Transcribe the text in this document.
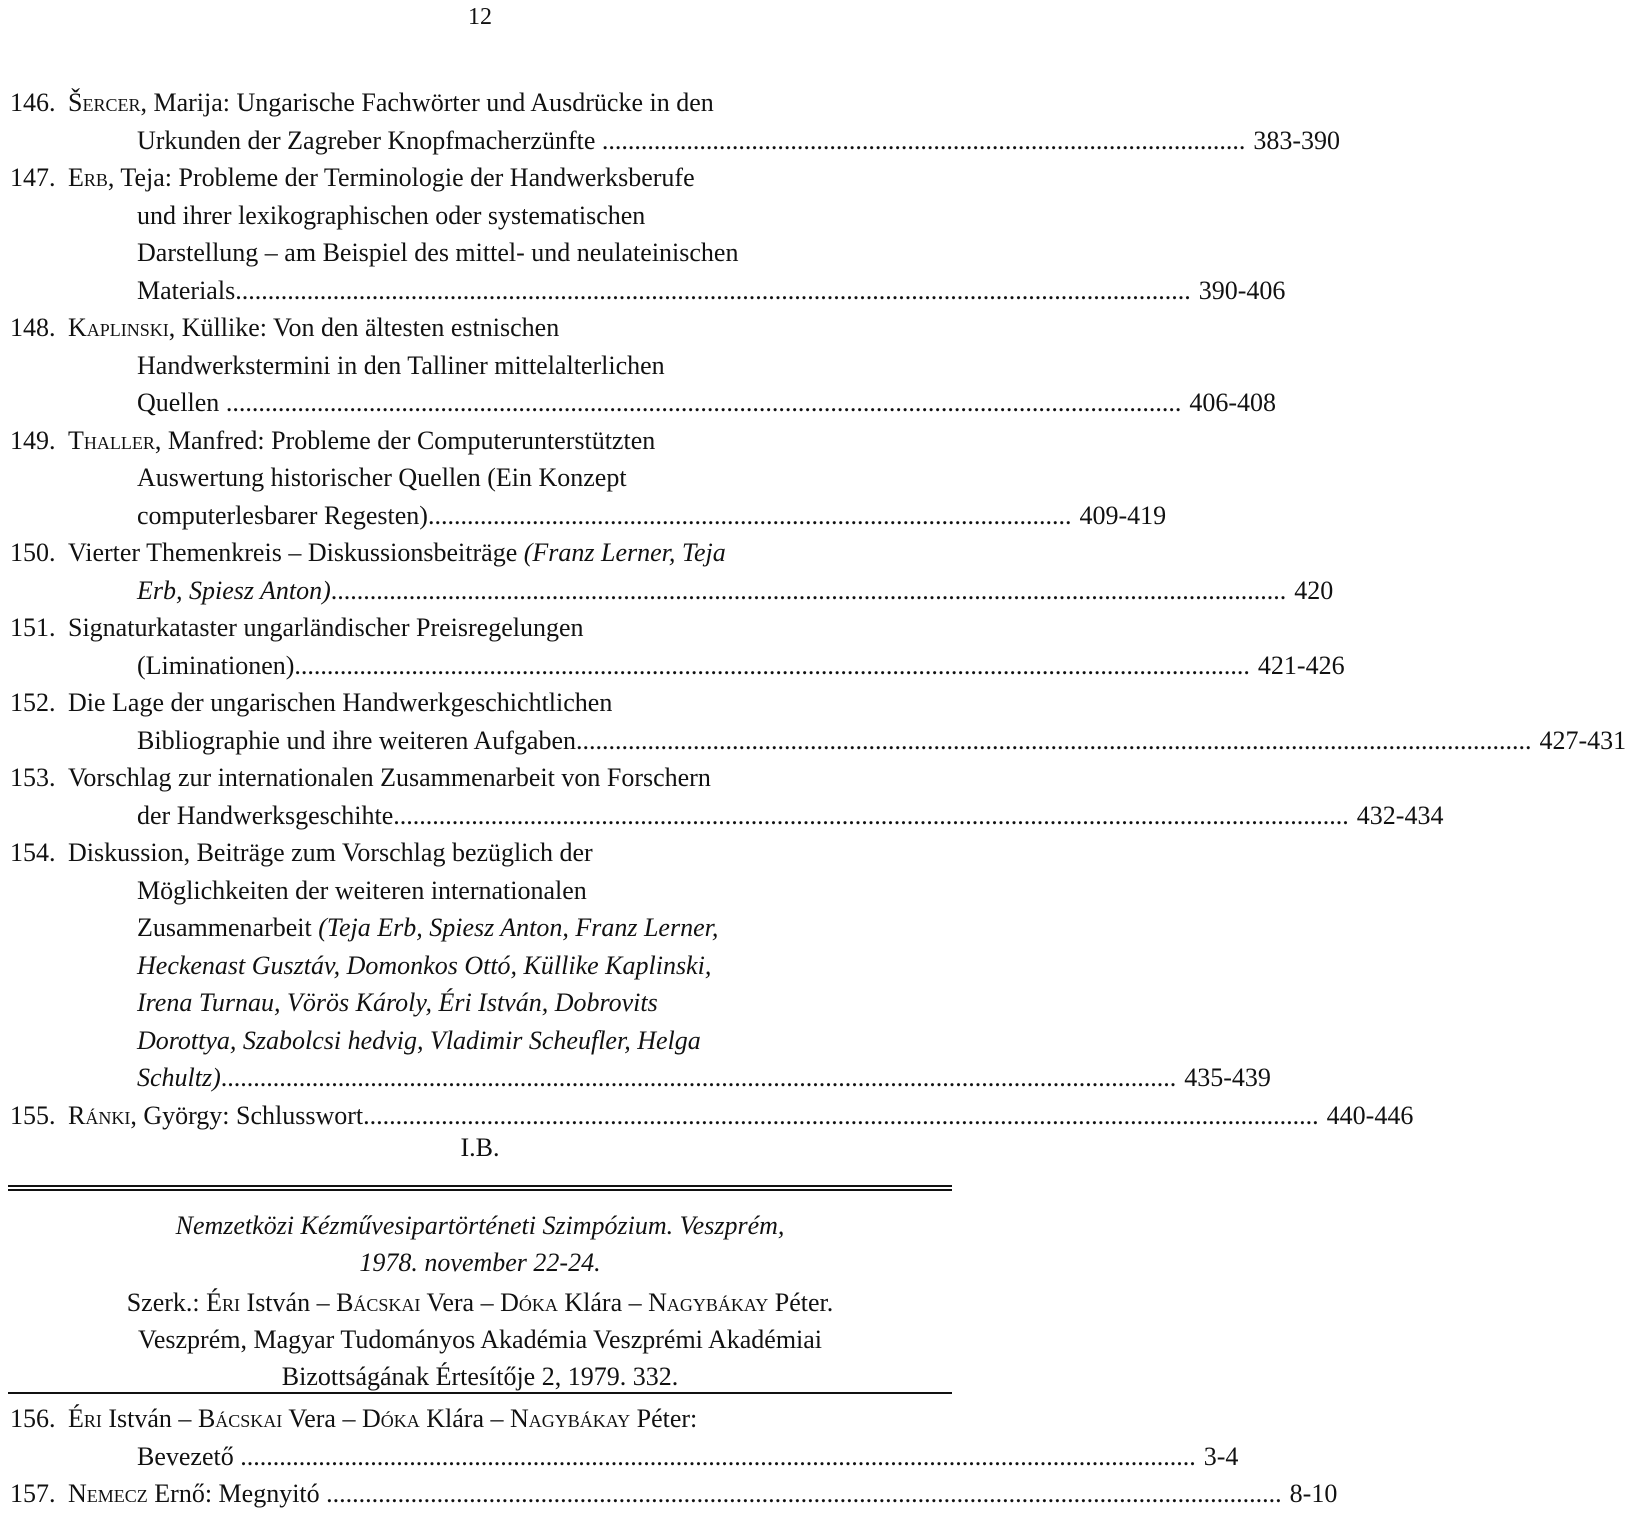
12
146. Šercer, Marija: Ungarische Fachwörter und Ausdrücke in den
Urkunden der Zagreber Knopfmacherzünfte ................................................................................................... 383-390
147. Erb, Teja: Probleme der Terminologie der Handwerksberufe
und ihrer lexikographischen oder systematischen
Darstellung – am Beispiel des mittel- und neulateinischen
Materials ................................................................................................................................................... 390-406
148. Kaplinski, Küllike: Von den ältesten estnischen
Handwerkstermini in den Talliner mittelalterlichen
Quellen ................................................................................................................................................... 406-408
149. Thaller, Manfred: Probleme der Computerunterstützten
Auswertung historischer Quellen (Ein Konzept
computerlesbarer Regesten) ................................................................................................... 409-419
150. Vierter Themenkreis – Diskussionsbeiträge (Franz Lerner, Teja
Erb, Spiesz Anton) ................................................................................................................................................... 420
151. Signaturkataster ungarländischer Preisregelungen
(Liminationen) ................................................................................................................................................... 421-426
152. Die Lage der ungarischen Handwerkgeschichtlichen
Bibliographie und ihre weiteren Aufgaben ................................................................................................................................................... 427-431
153. Vorschlag zur internationalen Zusammenarbeit von Forschern
der Handwerksgeschihte ................................................................................................................................................... 432-434
154. Diskussion, Beiträge zum Vorschlag bezüglich der
Möglichkeiten der weiteren internationalen
Zusammenarbeit (Teja Erb, Spiesz Anton, Franz Lerner,
Heckenast Gusztáv, Domonkos Ottó, Küllike Kaplinski,
Irena Turnau, Vörös Károly, Éri István, Dobrovits
Dorottya, Szabolcsi hedvig, Vladimir Scheufler, Helga
Schultz) ................................................................................................................................................... 435-439
155. Ránki, György: Schlusswort ................................................................................................................................................... 440-446
I.B.
Nemzetközi Kézművesipartörténeti Szimpózium. Veszprém,
1978. november 22-24.
Szerk.: Éri István – Bácskai Vera – Dóka Klára – Nagybákay Péter.
Veszprém, Magyar Tudományos Akadémia Veszprémi Akadémiai
Bizottságának Értesítője 2, 1979. 332.
156. Éri István – Bácskai Vera – Dóka Klára – Nagybákay Péter:
Bevezető ................................................................................................................................................... 3-4
157. Nemecz Ernő: Megnyitó ................................................................................................................................................... 8-10
